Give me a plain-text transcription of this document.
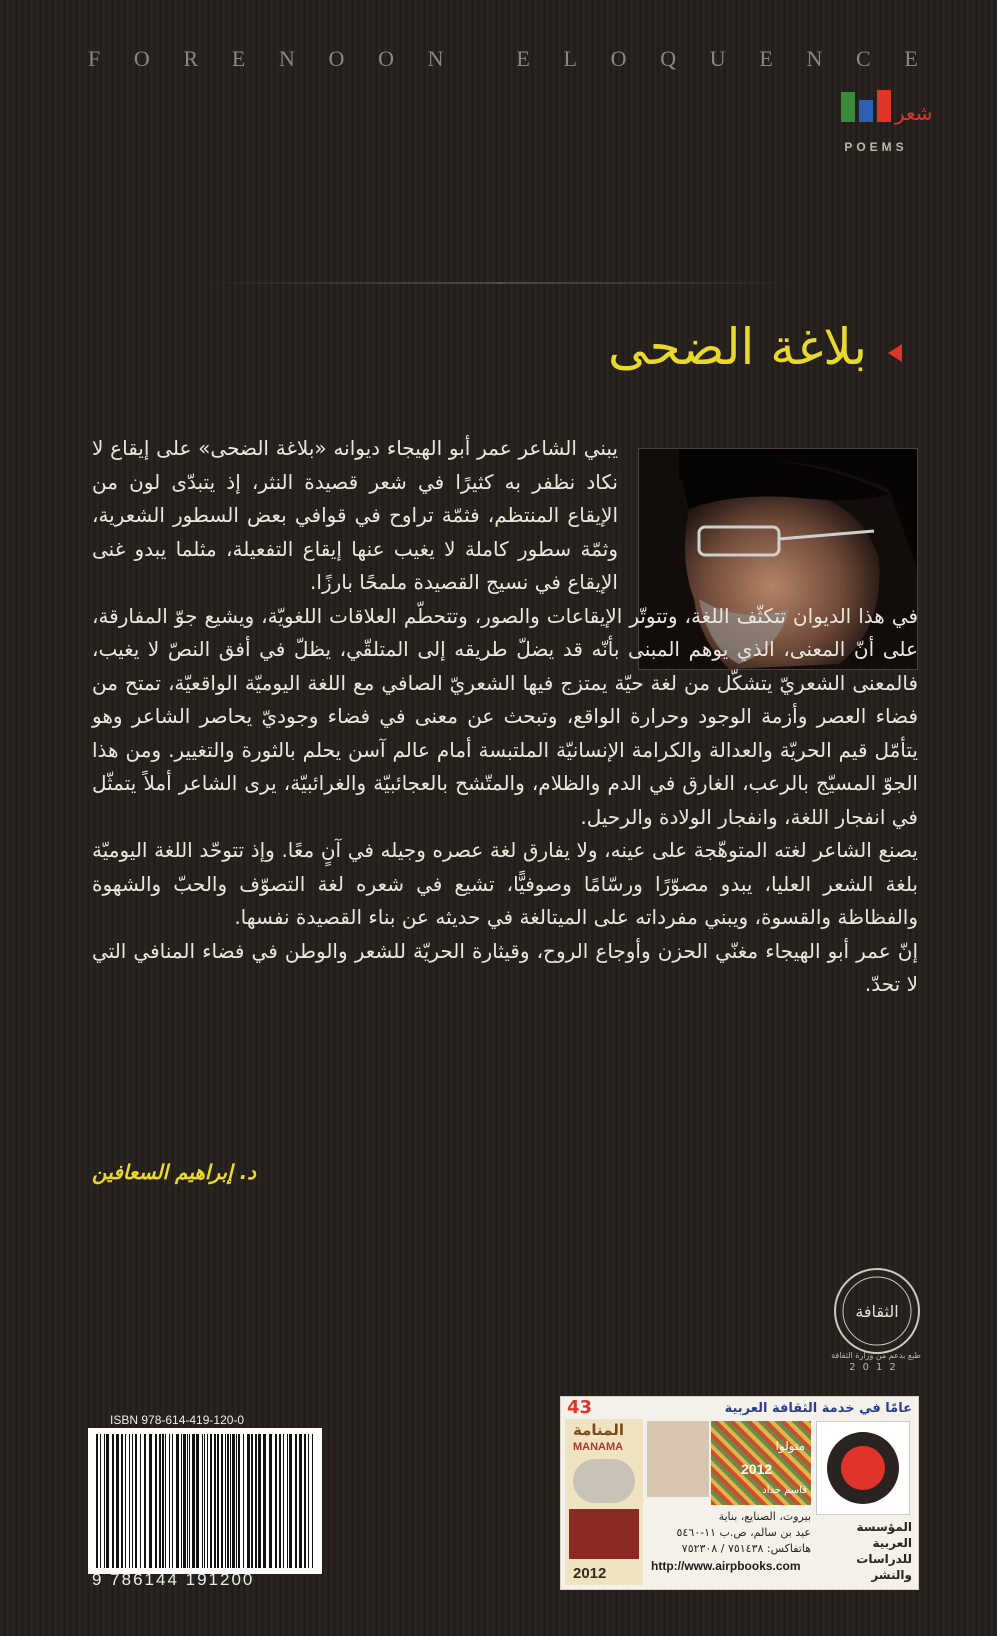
F O R E N O O N
	E L O Q U E N C E
شعر
POEMS
بلاغة الضحى

يبني الشاعر عمر أبو الهيجاء ديوانه «بلاغة الضحى» على إيقاع لا نكاد نظفر به كثيرًا في شعر قصيدة النثر، إذ يتبدّى لون من الإيقاع المنتظم، فثمّة تراوح في قوافي بعض السطور الشعرية، وثمّة سطور كاملة لا يغيب عنها إيقاع التفعيلة، مثلما يبدو غنى الإيقاع في نسيج القصيدة ملمحًا بارزًا.

في هذا الديوان تتكثّف اللغة، وتتوتّر الإيقاعات والصور، وتتحطّم العلاقات اللغويّة، ويشيع جوّ المفارقة، على أنّ المعنى، الذي يوهم المبنى بأنّه قد يضلّ طريقه إلى المتلقّي، يظلّ في أفق النصّ لا يغيب، فالمعنى الشعريّ يتشكّل من لغة حيّة يمتزج فيها الشعريّ الصافي مع اللغة اليوميّة الواقعيّة، تمتح من فضاء العصر وأزمة الوجود وحرارة الواقع، وتبحث عن معنى في فضاء وجوديّ يحاصر الشاعر وهو يتأمّل قيم الحريّة والعدالة والكرامة الإنسانيّة الملتبسة أمام عالم آسن يحلم بالثورة والتغيير. ومن هذا الجوّ المسيّج بالرعب، الغارق في الدم والظلام، والمتّشح بالعجائبيّة والغرائبيّة، يرى الشاعر أملاً يتمثّل في انفجار اللغة، وانفجار الولادة والرحيل.

يصنع الشاعر لغته المتوهّجة على عينه، ولا يفارق لغة عصره وجيله في آنٍ معًا. وإذ تتوحّد اللغة اليوميّة بلغة الشعر العليا، يبدو مصوّرًا ورسّامًا وصوفيًّا، تشيع في شعره لغة التصوّف والحبّ والشهوة والفظاظة والقسوة، ويبني مفرداته على الميتالغة في حديثه عن بناء القصيدة نفسها.

إنّ عمر أبو الهيجاء مغنّي الحزن وأوجاع الروح، وقيثارة الحريّة للشعر والوطن في فضاء المنافي التي لا تحدّ.

د. إبراهيم السعافين
الثقافة
طبع بدعم من وزارة الثقافة
2012
ISBN 978-614-419-120-0
9 786144 191200
عامًا في خدمة الثقافة العربية
43
المنامة
MANAMA
2012
2012
متولوا
قاسم حداد
المؤسسة العربية للدراسات والنشر
بيروت، الصنايع، بناية
عيد بن سالم، ص.ب ١١-٥٤٦٠
هاتفاكس: ٧٥١٤٣٨ / ٧٥٢٣٠٨
http://www.airpbooks.com
